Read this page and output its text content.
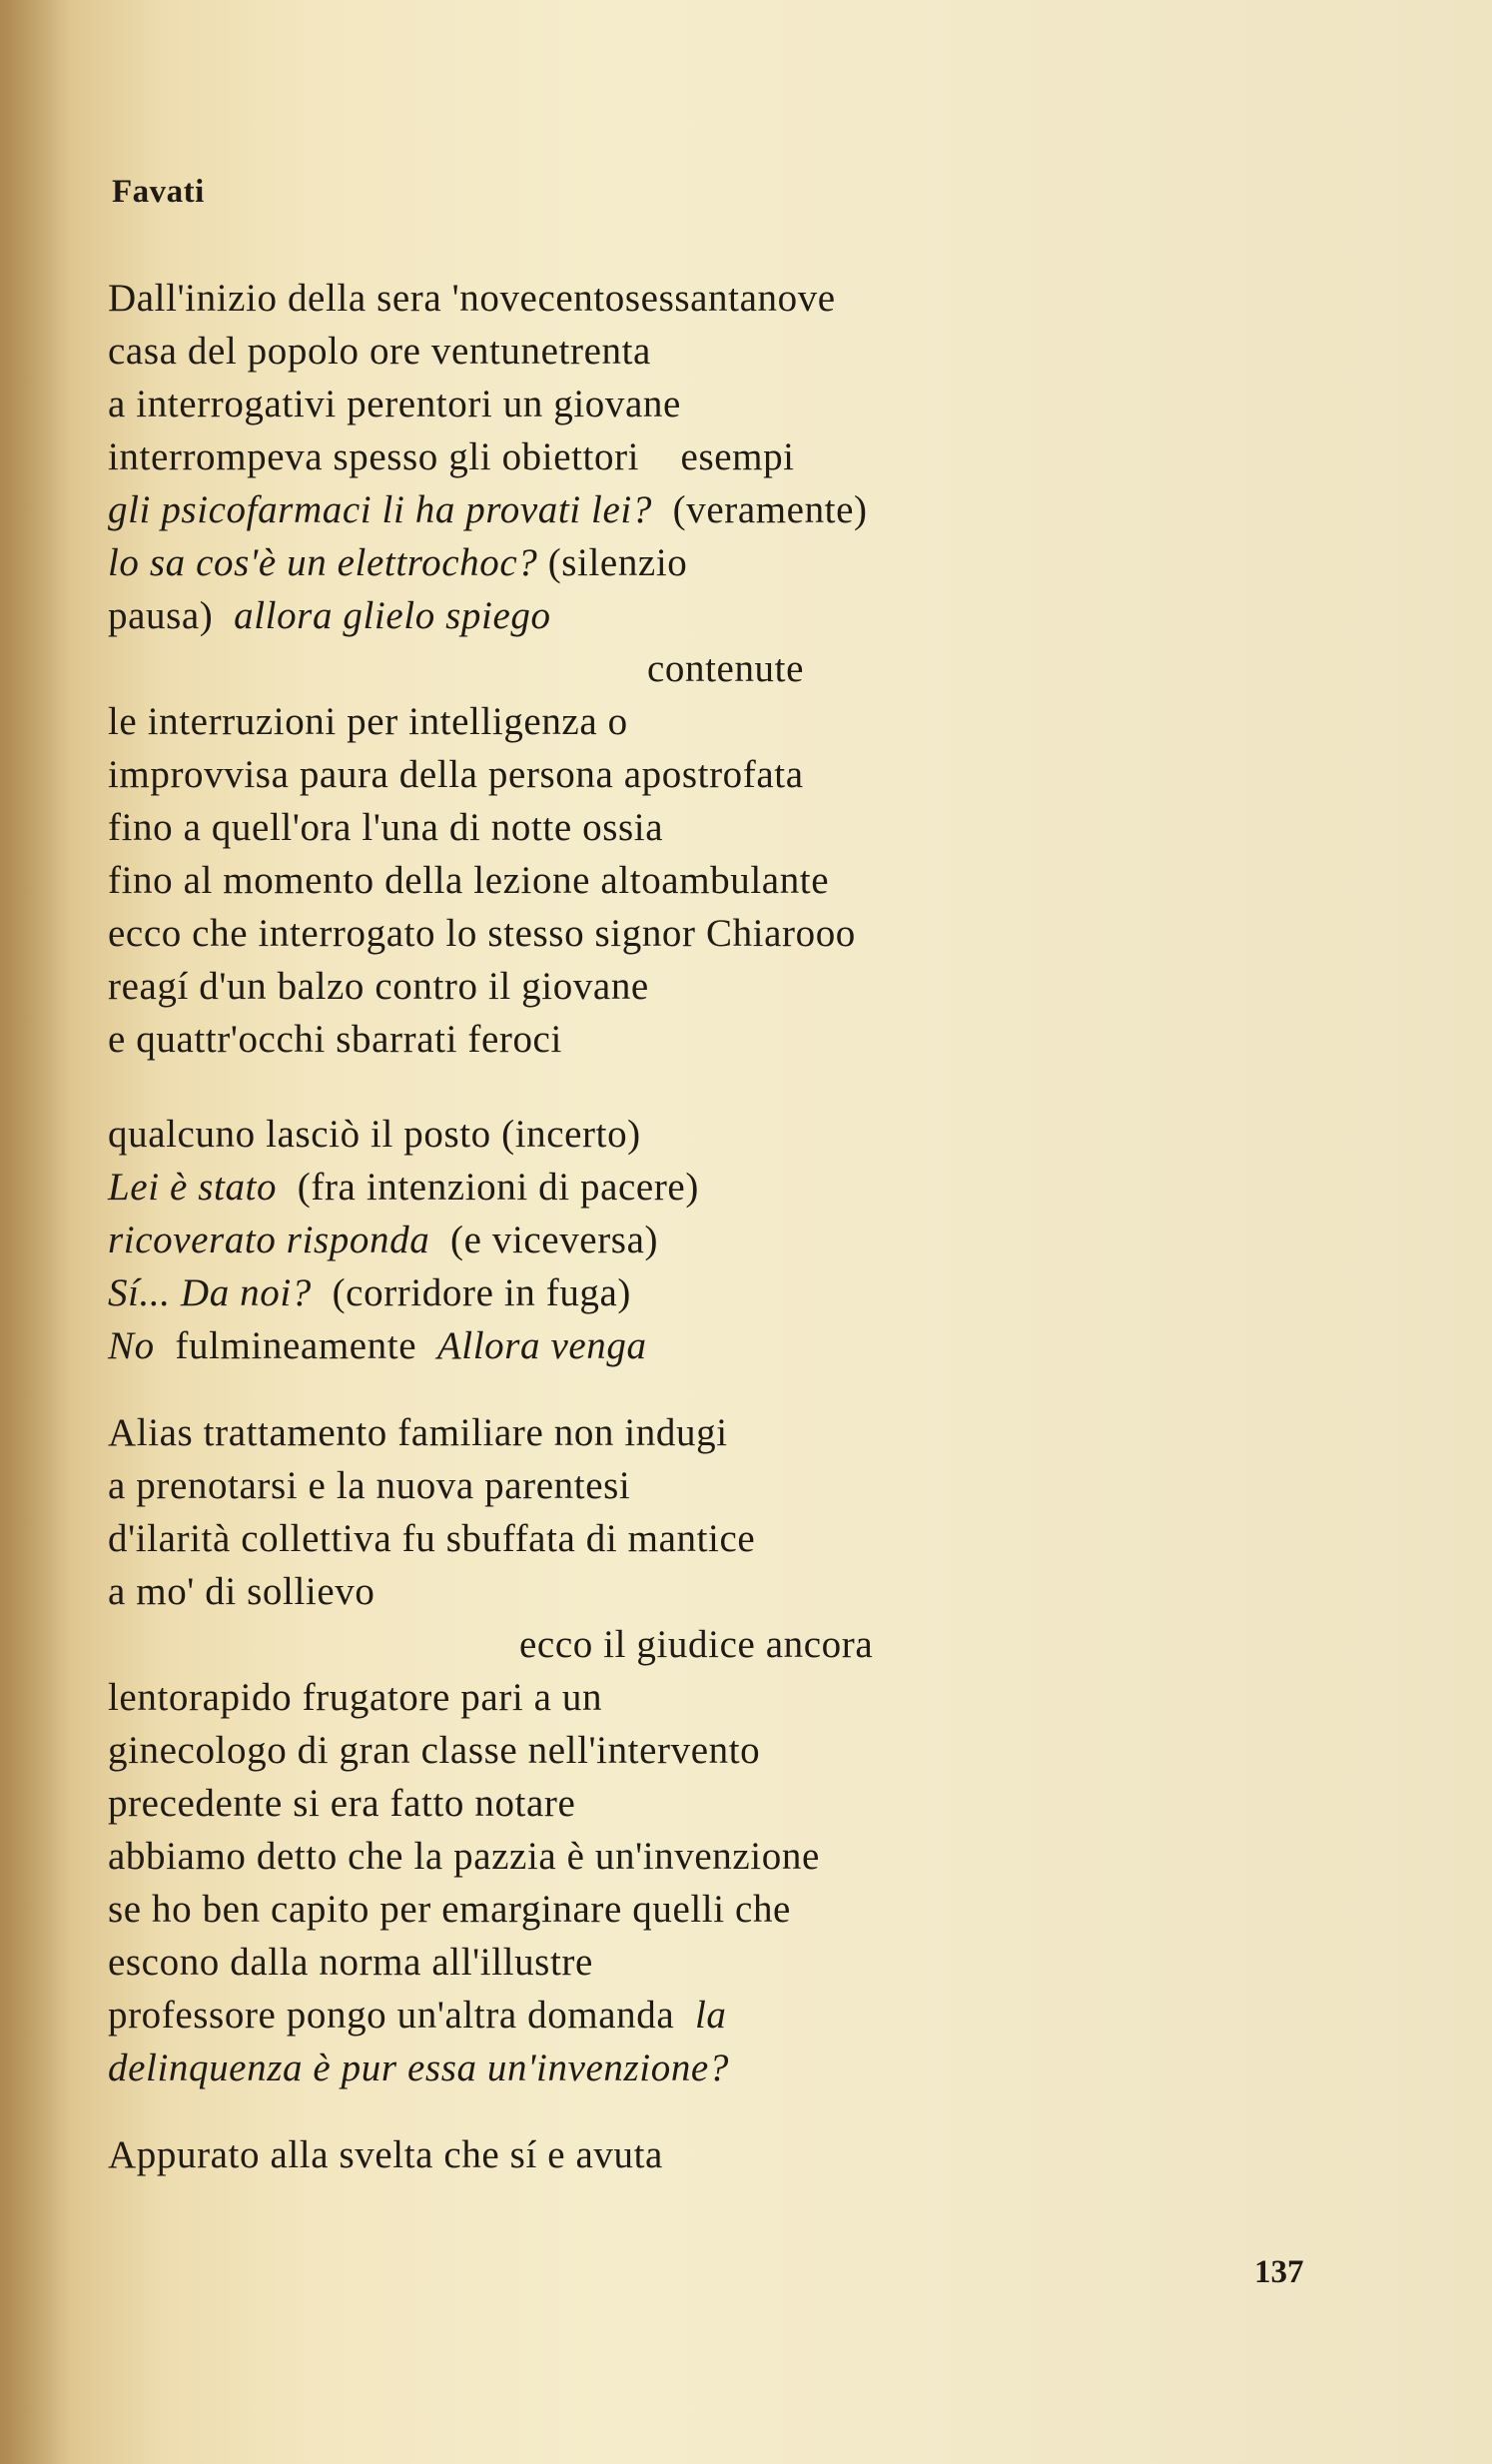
Favati
Dall'inizio della sera 'novecentosessantanove
casa del popolo ore ventunetrenta
a interrogativi perentori un giovane
interrompeva spesso gli obiettori esempi
gli psicofarmaci li ha provati lei? (veramente)
lo sa cos'è un elettrochoc? (silenzio
pausa) allora glielo spiego
contenute
le interruzioni per intelligenza o
improvvisa paura della persona apostrofata
fino a quell'ora l'una di notte ossia
fino al momento della lezione altoambulante
ecco che interrogato lo stesso signor Chiarooo
reagí d'un balzo contro il giovane
e quattr'occhi sbarrati feroci
qualcuno lasciò il posto (incerto)
Lei è stato (fra intenzioni di pacere)
ricoverato risponda (e viceversa)
Sí... Da noi? (corridore in fuga)
No fulmineamente Allora venga
Alias trattamento familiare non indugi
a prenotarsi e la nuova parentesi
d'ilarità collettiva fu sbuffata di mantice
a mo' di sollievo
ecco il giudice ancora
lentorapido frugatore pari a un
ginecologo di gran classe nell'intervento
precedente si era fatto notare
abbiamo detto che la pazzia è un'invenzione
se ho ben capito per emarginare quelli che
escono dalla norma all'illustre
professore pongo un'altra domanda la
delinquenza è pur essa un'invenzione?
Appurato alla svelta che sí e avuta
137
